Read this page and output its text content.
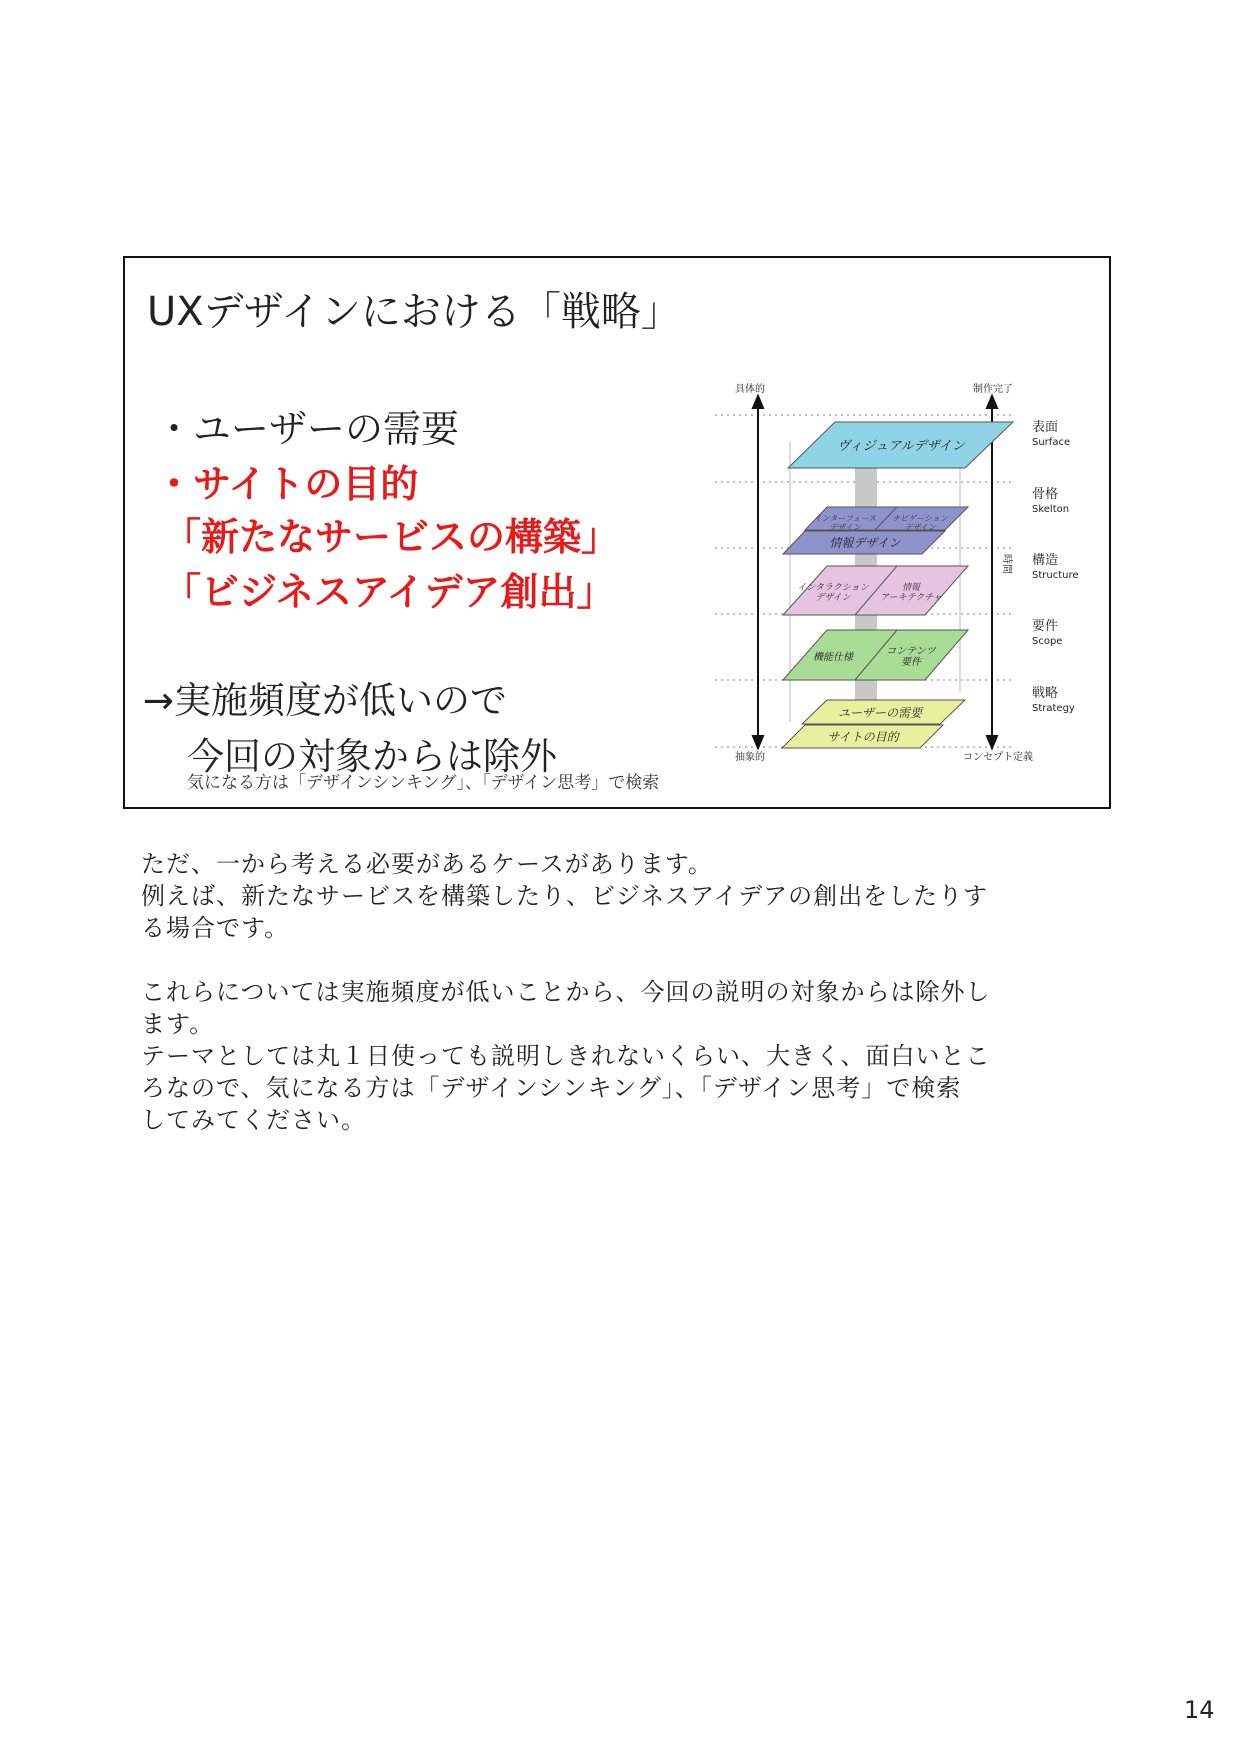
UXデザインにおける「戦略」
・ユーザーの需要
・サイトの目的
「新たなサービスの構築」
「ビジネスアイデア創出」
→実施頻度が低いので
今回の対象からは除外
気になる方は「デザインシンキング」、「デザイン思考」で検索
ユーザーの需要
サイトの目的
機能仕様
コンテンツ要件
インタラクションデザイン
情報アーキテクチャ
インターフェースデザイン
ナビゲーションデザイン
情報デザイン
ヴィジュアルデザイン
具体的	制作完了
抽象的	コンセプト定義
時間
表面
Surface
骨格
Skelton
構造
Structure
要件
Scope
戦略
Strategy

ただ、一から考える必要があるケースがあります。

例えば、新たなサービスを構築したり、ビジネスアイデアの創出をしたりす

る場合です。

これらについては実施頻度が低いことから、今回の説明の対象からは除外し

ます。

テーマとしては丸１日使っても説明しきれないくらい、大きく、面白いとこ

ろなので、気になる方は「デザインシンキング」、「デザイン思考」で検索

してみてください。

14
